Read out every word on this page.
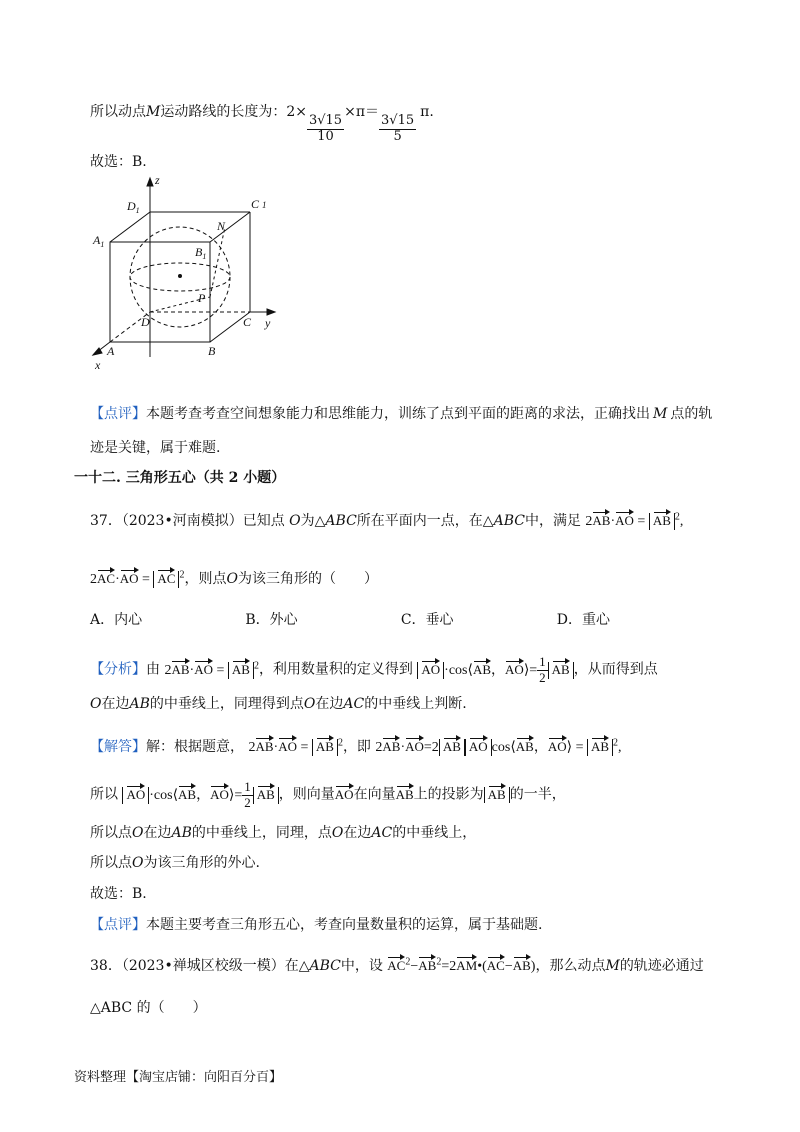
所以动点M运动路线的长度为：2×
$\frac{3√15}{10}$
×π＝
$\frac{3√15}{5}$
π.
故选：B.
z
y
x
$D_1$	C 1
$A_1$
$B_1$
N
P
D	C
A	B
【点评】本题考查考查空间想象能力和思维能力，训练了点到平面的距离的求法，正确找出 M 点的轨
迹是关键，属于难题.
一十二. 三角形五心（共 2 小题）
37．（2023•河南模拟）已知点 O为△ABC所在平面内一点，在△ABC中，满足 2AB·AO = AB $^2$,
2AC·AO = AC $^2$，则点O为该三角形的（　　）
A．内心	B．外心	C．垂心	D．重心
【分析】由 2AB·AO = AB $^2$，利用数量积的定义得到 AO ·cos⟨AB，AO⟩= $\frac{1}{2}$ AB ，从而得到点
O在边AB的中垂线上，同理得到点O在边AC的中垂线上判断.
【解答】解：根据题意， 2AB·AO = AB $^2$，即 2AB·AO=2 AB AO cos⟨AB，AO⟩ = AB $^2$,
所以 AO ·cos⟨AB，AO⟩= $\frac{1}{2}$ AB ，则向量AO在向量AB上的投影为 AB 的一半，
所以点O在边AB的中垂线上，同理，点O在边AC的中垂线上，
所以点O为该三角形的外心.
故选：B.
【点评】本题主要考查三角形五心，考查向量数量积的运算，属于基础题.
38．（2023•禅城区校级一模）在△ABC中，设 $AC^2-AB^2=2AM•(AC-AB)$，那么动点M的轨迹必通过
△ABC 的（　　）
资料整理【淘宝店铺：向阳百分百】
